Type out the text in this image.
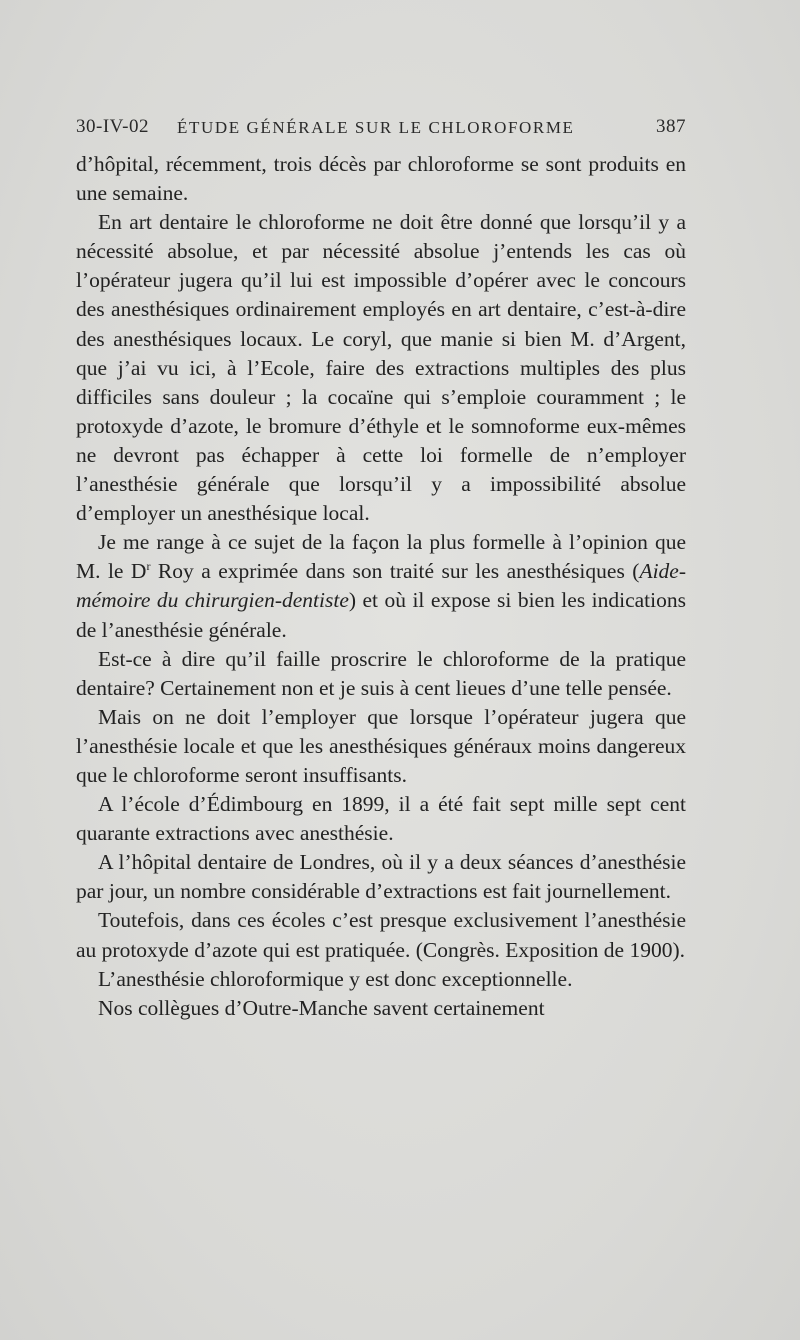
30-IV-02 ÉTUDE GÉNÉRALE SUR LE CHLOROFORME	387

d’hôpital, récemment, trois décès par chloroforme se sont produits en une semaine.

En art dentaire le chloroforme ne doit être donné que lorsqu’il y a nécessité absolue, et par nécessité absolue j’entends les cas où l’opérateur jugera qu’il lui est impossible d’opérer avec le concours des anesthésiques ordinairement employés en art dentaire, c’est-à-dire des anesthésiques locaux. Le coryl, que manie si bien M. d’Argent, que j’ai vu ici, à l’Ecole, faire des extractions multiples des plus difficiles sans douleur ; la cocaïne qui s’emploie couramment ; le protoxyde d’azote, le bromure d’éthyle et le somnoforme eux-mêmes ne devront pas échapper à cette loi formelle de n’employer l’anesthésie générale que lorsqu’il y a impossibilité absolue d’employer un anesthésique local.

Je me range à ce sujet de la façon la plus formelle à l’opinion que M. le $D^r$ Roy a exprimée dans son traité sur les anesthésiques (Aide-mémoire du chirurgien-dentiste) et où il expose si bien les indications de l’anesthésie générale.

Est-ce à dire qu’il faille proscrire le chloroforme de la pratique dentaire? Certainement non et je suis à cent lieues d’une telle pensée.

Mais on ne doit l’employer que lorsque l’opérateur jugera que l’anesthésie locale et que les anesthésiques généraux moins dangereux que le chloroforme seront insuffisants.

A l’école d’Édimbourg en 1899, il a été fait sept mille sept cent quarante extractions avec anesthésie.

A l’hôpital dentaire de Londres, où il y a deux séances d’anesthésie par jour, un nombre considérable d’extractions est fait journellement.

Toutefois, dans ces écoles c’est presque exclusivement l’anesthésie au protoxyde d’azote qui est pratiquée. (Congrès. Exposition de 1900).

L’anesthésie chloroformique y est donc exceptionnelle.

Nos collègues d’Outre-Manche savent certainement
